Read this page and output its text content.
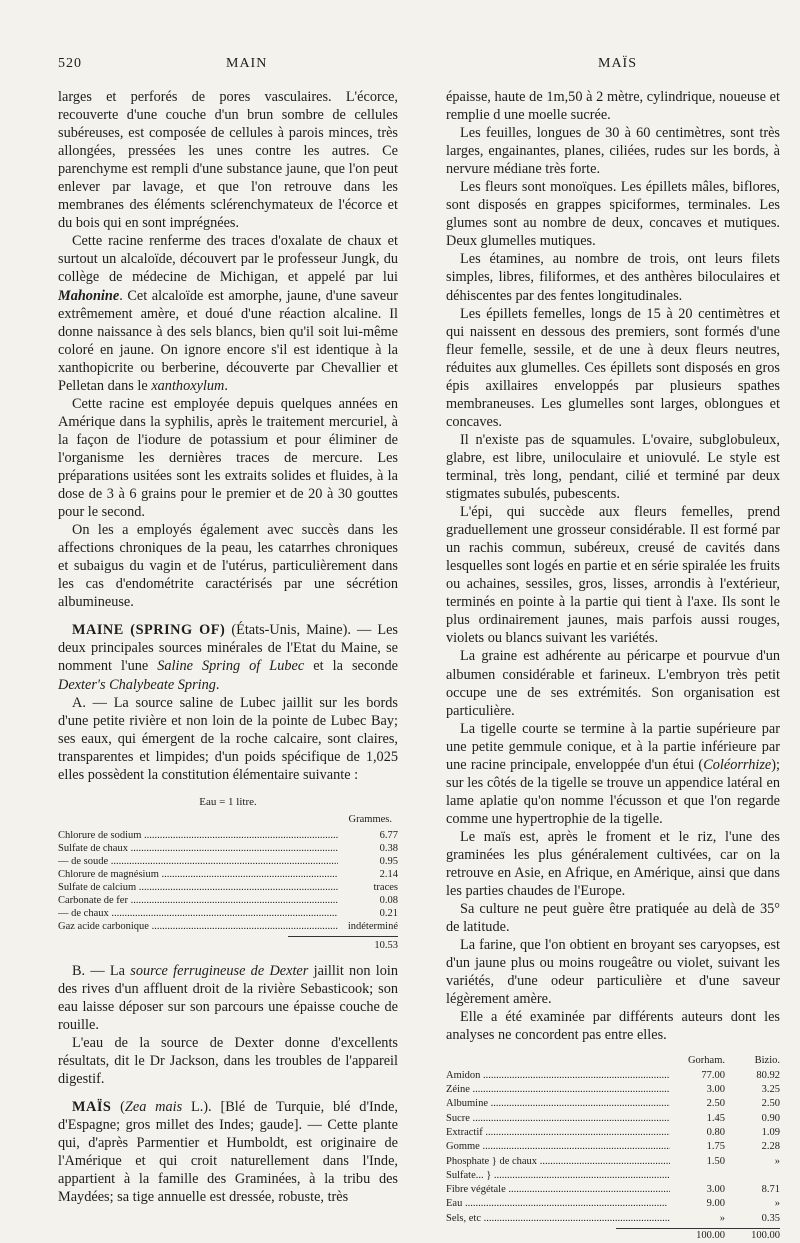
520	MAIN	MAÏS

larges et perforés de pores vasculaires. L'écorce, recouverte d'une couche d'un brun sombre de cellules subéreuses, est composée de cellules à parois minces, très allongées, pressées les unes contre les autres. Ce parenchyme est rempli d'une substance jaune, que l'on peut enlever par lavage, et que l'on retrouve dans les membranes des éléments sclérenchymateux de l'écorce et du bois qui en sont imprégnées.

Cette racine renferme des traces d'oxalate de chaux et surtout un alcaloïde, découvert par le professeur Jungk, du collège de médecine de Michigan, et appelé par lui Mahonine. Cet alcaloïde est amorphe, jaune, d'une saveur extrêmement amère, et doué d'une réaction alcaline. Il donne naissance à des sels blancs, bien qu'il soit lui-même coloré en jaune. On ignore encore s'il est identique à la xanthopicrite ou berberine, découverte par Chevallier et Pelletan dans le xanthoxylum.

Cette racine est employée depuis quelques années en Amérique dans la syphilis, après le traitement mercuriel, à la façon de l'iodure de potassium et pour éliminer de l'organisme les dernières traces de mercure. Les préparations usitées sont les extraits solides et fluides, à la dose de 3 à 6 grains pour le premier et de 20 à 30 gouttes pour le second.

On les a employés également avec succès dans les affections chroniques de la peau, les catarrhes chroniques et subaigus du vagin et de l'utérus, particulièrement dans les cas d'endométrite caractérisés par une sécrétion albumineuse.

MAINE (SPRING OF) (États-Unis, Maine). — Les deux principales sources minérales de l'Etat du Maine, se nomment l'une Saline Spring of Lubec et la seconde Dexter's Chalybeate Spring.

A. — La source saline de Lubec jaillit sur les bords d'une petite rivière et non loin de la pointe de Lubec Bay; ses eaux, qui émergent de la roche calcaire, sont claires, transparentes et limpides; d'un poids spécifique de 1,025 elles possèdent la constitution élémentaire suivante :

Eau = 1 litre.
Grammes.
Chlorure de sodium .....	6.77
Sulfate de chaux .....	0.38
— de soude .....	0.95
Chlorure de magnésium .....	2.14
Sulfate de calcium .....	traces
Carbonate de fer .....	0.08
— de chaux .....	0.21
Gaz acide carbonique .....	indéterminé
10.53

B. — La source ferrugineuse de Dexter jaillit non loin des rives d'un affluent droit de la rivière Sebasticook; son eau laisse déposer sur son parcours une épaisse couche de rouille.

L'eau de la source de Dexter donne d'excellents résultats, dit le Dr Jackson, dans les troubles de l'appareil digestif.

MAÏS (Zea mais L.). [Blé de Turquie, blé d'Inde, d'Espagne; gros millet des Indes; gaude]. — Cette plante qui, d'après Parmentier et Humboldt, est originaire de l'Amérique et qui croit naturellement dans l'Inde, appartient à la famille des Graminées, à la tribu des Maydées; sa tige annuelle est dressée, robuste, très

épaisse, haute de 1m,50 à 2 mètre, cylindrique, noueuse et remplie d une moelle sucrée.

Les feuilles, longues de 30 à 60 centimètres, sont très larges, engainantes, planes, ciliées, rudes sur les bords, à nervure médiane très forte.

Les fleurs sont monoïques. Les épillets mâles, biflores, sont disposés en grappes spiciformes, terminales. Les glumes sont au nombre de deux, concaves et mutiques. Deux glumelles mutiques.

Les étamines, au nombre de trois, ont leurs filets simples, libres, filiformes, et des anthères biloculaires et déhiscentes par des fentes longitudinales.

Les épillets femelles, longs de 15 à 20 centimètres et qui naissent en dessous des premiers, sont formés d'une fleur femelle, sessile, et de une à deux fleurs neutres, réduites aux glumelles. Ces épillets sont disposés en gros épis axillaires enveloppés par plusieurs spathes membraneuses. Les glumelles sont larges, oblongues et concaves.

Il n'existe pas de squamules. L'ovaire, subglobuleux, glabre, est libre, uniloculaire et uniovulé. Le style est terminal, très long, pendant, cilié et terminé par deux stigmates subulés, pubescents.

L'épi, qui succède aux fleurs femelles, prend graduellement une grosseur considérable. Il est formé par un rachis commun, subéreux, creusé de cavités dans lesquelles sont logés en partie et en série spiralée les fruits ou achaines, sessiles, gros, lisses, arrondis à l'extérieur, terminés en pointe à la partie qui tient à l'axe. Ils sont le plus ordinairement jaunes, mais parfois aussi rouges, violets ou blancs suivant les variétés.

La graine est adhérente au péricarpe et pourvue d'un albumen considérable et farineux. L'embryon très petit occupe une de ses extrémités. Son organisation est particulière.

La tigelle courte se termine à la partie supérieure par une petite gemmule conique, et à la partie inférieure par une racine principale, enveloppée d'un étui (Coléorrhize); sur les côtés de la tigelle se trouve un appendice latéral en lame aplatie qu'on nomme l'écusson et que l'on regarde comme une hypertrophie de la tigelle.

Le maïs est, après le froment et le riz, l'une des graminées les plus généralement cultivées, car on la retrouve en Asie, en Afrique, en Amérique, ainsi que dans les parties chaudes de l'Europe.

Sa culture ne peut guère être pratiquée au delà de 35° de latitude.

La farine, que l'on obtient en broyant ses caryopses, est d'un jaune plus ou moins rougeâtre ou violet, suivant les variétés, d'une odeur particulière et d'une saveur légèrement amère.

Elle a été examinée par différents auteurs dont les analyses ne concordent pas entre elles.

Gorham.	Bizio.
Amidon .....	77.00	80.92
Zéine .....	3.00	3.25
Albumine .....	2.50	2.50
Sucre .....	1.45	0.90
Extractif .....	0.80	1.09
Gomme .....	1.75	2.28
Phosphate } de chaux .....	1.50	»
Sulfate... } .....
Fibre végétale .....	3.00	8.71
Eau .....	9.00	»
Sels, etc .....	»	0.35
100.00	100.00
